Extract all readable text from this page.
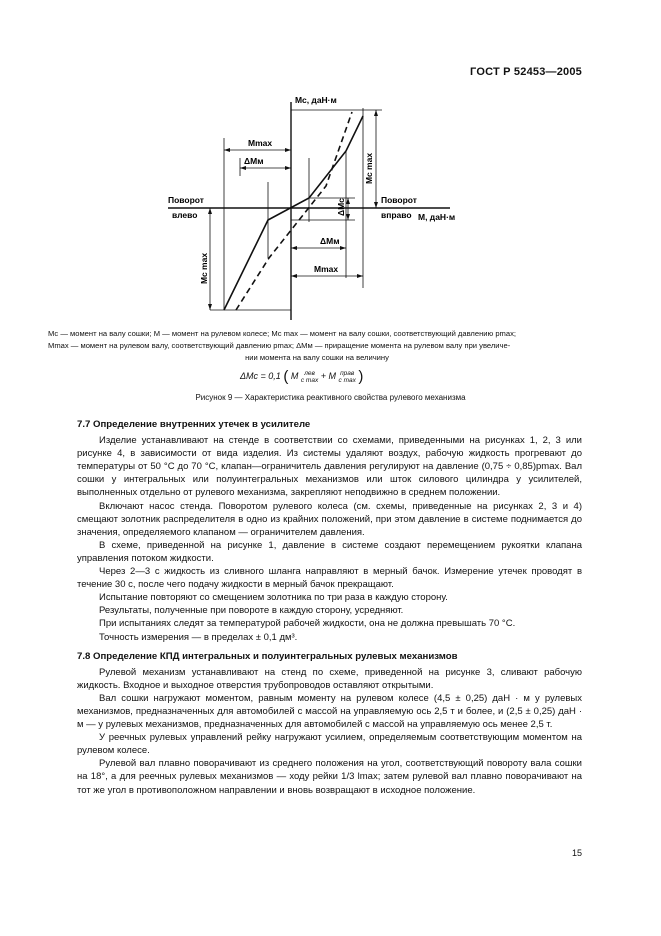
ГОСТ Р 52453—2005
Мс, даН·м
М, даН·м
Поворот
влево
Поворот
вправо
Мmax
ΔМм
Мmax
ΔМм
ΔМс
Мс max
Мс max

Мс — момент на валу сошки; М — момент на рулевом колесе; Мс max — момент на валу сошки, соответствующий давлению pmax;

Мmax — момент на рулевом валу, соответствующий давлению pmax; ΔМм — приращение момента на рулевом валу при увеличе-

нии момента на валу сошки на величину

ΔМс = 0,1 ( М лев
с max + М прав
с max )
Рисунок 9 — Характеристика реактивного свойства рулевого механизма
7.7 Определение внутренних утечек в усилителе

Изделие устанавливают на стенде в соответствии со схемами, приведенными на рисунках 1, 2, 3 или рисунке 4, в зависимости от вида изделия. Из системы удаляют воздух, рабочую жидкость прогревают до температуры от 50 °С до 70 °С, клапан—ограничитель давления регулируют на давление (0,75 ÷ 0,85)pmax. Вал сошки у интегральных или полуинтегральных механизмов или шток силового цилиндра у усилителей, выполненных отдельно от рулевого механизма, закрепляют неподвижно в среднем положении.

Включают насос стенда. Поворотом рулевого колеса (см. схемы, приведенные на рисунках 2, 3 и 4) смещают золотник распределителя в одно из крайних положений, при этом давление в системе поднимается до значения, определяемого клапаном — ограничителем давления.

В схеме, приведенной на рисунке 1, давление в системе создают перемещением рукоятки клапана управления потоком жидкости.

Через 2—3 с жидкость из сливного шланга направляют в мерный бачок. Измерение утечек проводят в течение 30 с, после чего подачу жидкости в мерный бачок прекращают.

Испытание повторяют со смещением золотника по три раза в каждую сторону.

Результаты, полученные при повороте в каждую сторону, усредняют.

При испытаниях следят за температурой рабочей жидкости, она не должна превышать 70 °С.

Точность измерения — в пределах ± 0,1 дм³.

7.8 Определение КПД интегральных и полуинтегральных рулевых механизмов

Рулевой механизм устанавливают на стенд по схеме, приведенной на рисунке 3, сливают рабочую жидкость. Входное и выходное отверстия трубопроводов оставляют открытыми.

Вал сошки нагружают моментом, равным моменту на рулевом колесе (4,5 ± 0,25) даН · м у рулевых механизмов, предназначенных для автомобилей с массой на управляемую ось 2,5 т и более, и (2,5 ± 0,25) даН · м — у рулевых механизмов, предназначенных для автомобилей с массой на управляемую ось менее 2,5 т.

У реечных рулевых управлений рейку нагружают усилием, определяемым соответствующим моментом на рулевом колесе.

Рулевой вал плавно поворачивают из среднего положения на угол, соответствующий повороту вала сошки на 18°, а для реечных рулевых механизмов — ходу рейки 1/3 lmax; затем рулевой вал плавно поворачивают на тот же угол в противоположном направлении и вновь возвращают в исходное положение.

15
